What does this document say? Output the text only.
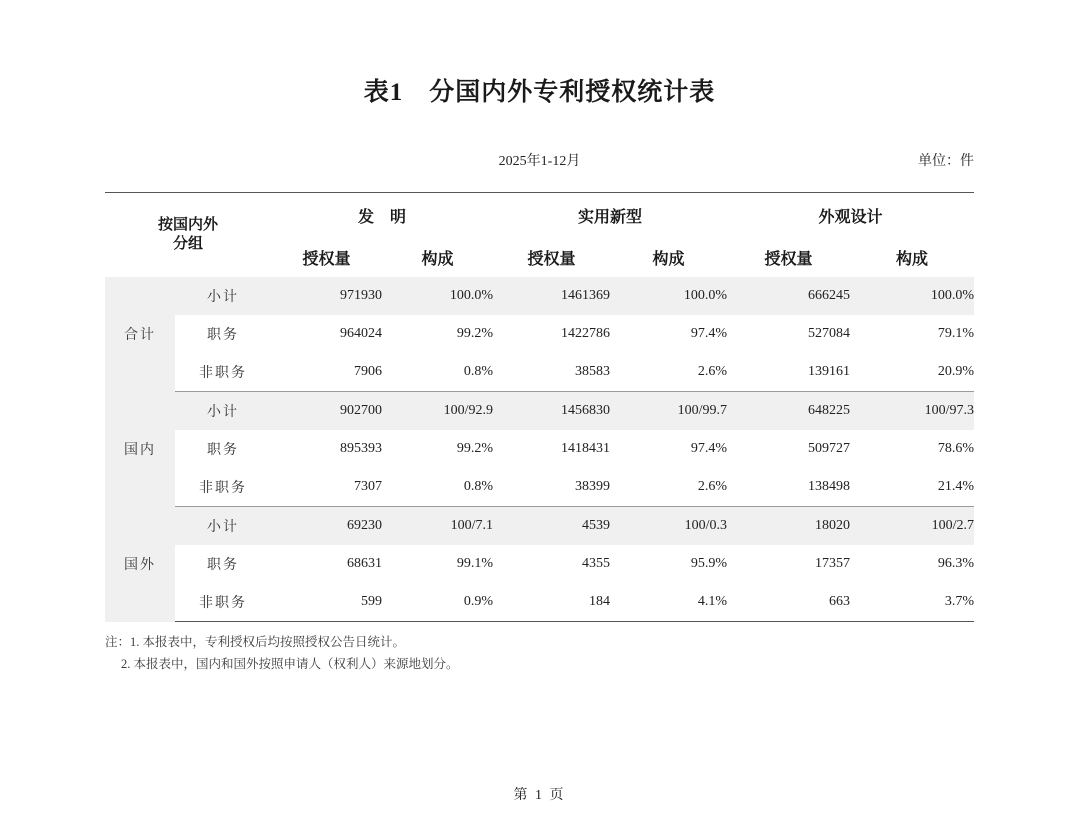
表1　分国内外专利授权统计表
2025年1-12月	单位：件
按国内外
分组		发　明		实用新型		外观设计	
		授权量	构成	授权量	构成	授权量	构成
合计	小计	971930	100.0%	1461369	100.0%	666245	100.0%
	职务	964024	99.2%	1422786	97.4%	527084	79.1%
	非职务	7906	0.8%	38583	2.6%	139161	20.9%
国内	小计	902700	100/92.9	1456830	100/99.7	648225	100/97.3
	职务	895393	99.2%	1418431	97.4%	509727	78.6%
	非职务	7307	0.8%	38399	2.6%	138498	21.4%
国外	小计	69230	100/7.1	4539	100/0.3	18020	100/2.7
	职务	68631	99.1%	4355	95.9%	17357	96.3%
	非职务	599	0.9%	184	4.1%	663	3.7%
注：1. 本报表中，专利授权后均按照授权公告日统计。
2. 本报表中，国内和国外按照申请人（权利人）来源地划分。
第 1 页
